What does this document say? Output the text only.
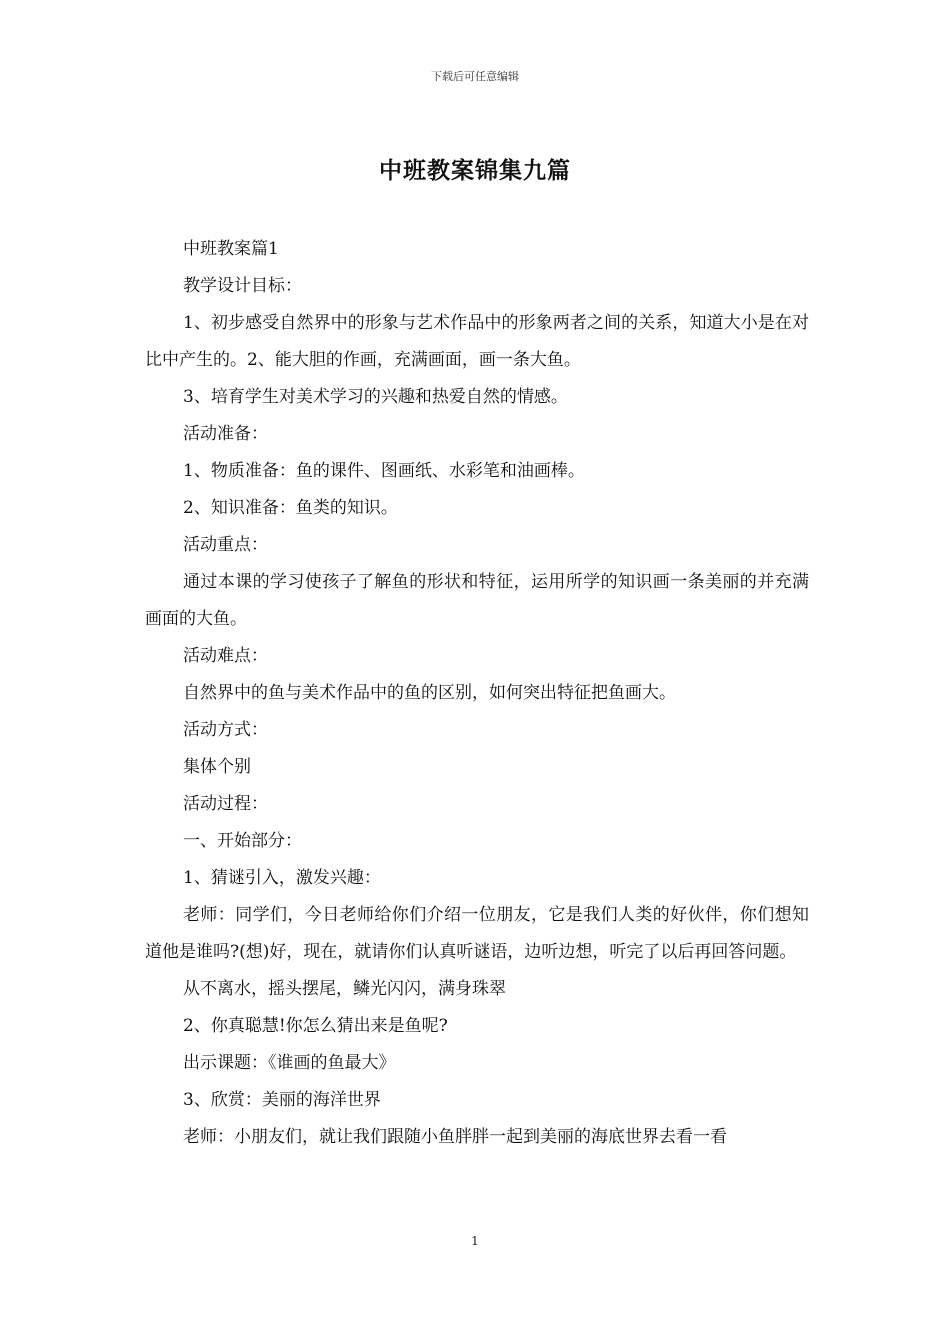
下载后可任意编辑
中班教案锦集九篇

中班教案篇1

教学设计目标：

1、初步感受自然界中的形象与艺术作品中的形象两者之间的关系，知道大小是在对比中产生的。2、能大胆的作画，充满画面，画一条大鱼。

3、培育学生对美术学习的兴趣和热爱自然的情感。

活动准备：

1、物质准备：鱼的课件、图画纸、水彩笔和油画棒。

2、知识准备：鱼类的知识。

活动重点：

通过本课的学习使孩子了解鱼的形状和特征，运用所学的知识画一条美丽的并充满画面的大鱼。

活动难点：

自然界中的鱼与美术作品中的鱼的区别，如何突出特征把鱼画大。

活动方式：

集体个别

活动过程：

一、开始部分：

1、猜谜引入，激发兴趣：

老师：同学们，今日老师给你们介绍一位朋友，它是我们人类的好伙伴，你们想知道他是谁吗?(想)好，现在，就请你们认真听谜语，边听边想，听完了以后再回答问题。

从不离水，摇头摆尾，鳞光闪闪，满身珠翠

2、你真聪慧!你怎么猜出来是鱼呢?

出示课题：《谁画的鱼最大》

3、欣赏：美丽的海洋世界

老师：小朋友们，就让我们跟随小鱼胖胖一起到美丽的海底世界去看一看

1
